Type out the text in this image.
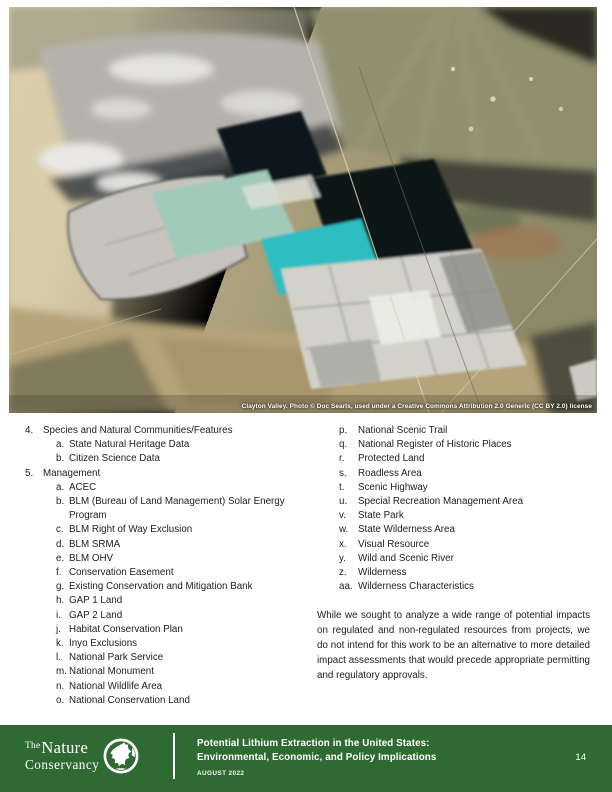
Clayton Valley. Photo © Doc Searls, used under a Creative Commons Attribution 2.0 Generic (CC BY 2.0) license
4.	Species and Natural Communities/Features
a. State Natural Heritage Data
b. Citizen Science Data
5.	Management
a. ACEC
b. BLM (Bureau of Land Management) Solar Energy Program
c. BLM Right of Way Exclusion
d. BLM SRMA
e. BLM OHV
f. Conservation Easement
g. Existing Conservation and Mitigation Bank
h. GAP 1 Land
i. GAP 2 Land
j. Habitat Conservation Plan
k. Inyo Exclusions
l. National Park Service
m. National Monument
n. National Wildlife Area
o. National Conservation Land
p.	National Scenic Trail
q.	National Register of Historic Places
r.	Protected Land
s.	Roadless Area
t.	Scenic Highway
u.	Special Recreation Management Area
v.	State Park
w. State Wilderness Area
x.	Visual Resource
y.	Wild and Scenic River
z.	Wilderness
aa. Wilderness Characteristics

While we sought to analyze a wide range of potential impacts on regulated and non-regulated resources from projects, we do not intend for this work to be an alternative to more detailed impact assessments that would precede appropriate permitting and regulatory approvals.

$^{The}$Nature
Conservancy
Potential Lithium Extraction in the United States:
Environmental, Economic, and Policy Implications
AUGUST 2022
14
